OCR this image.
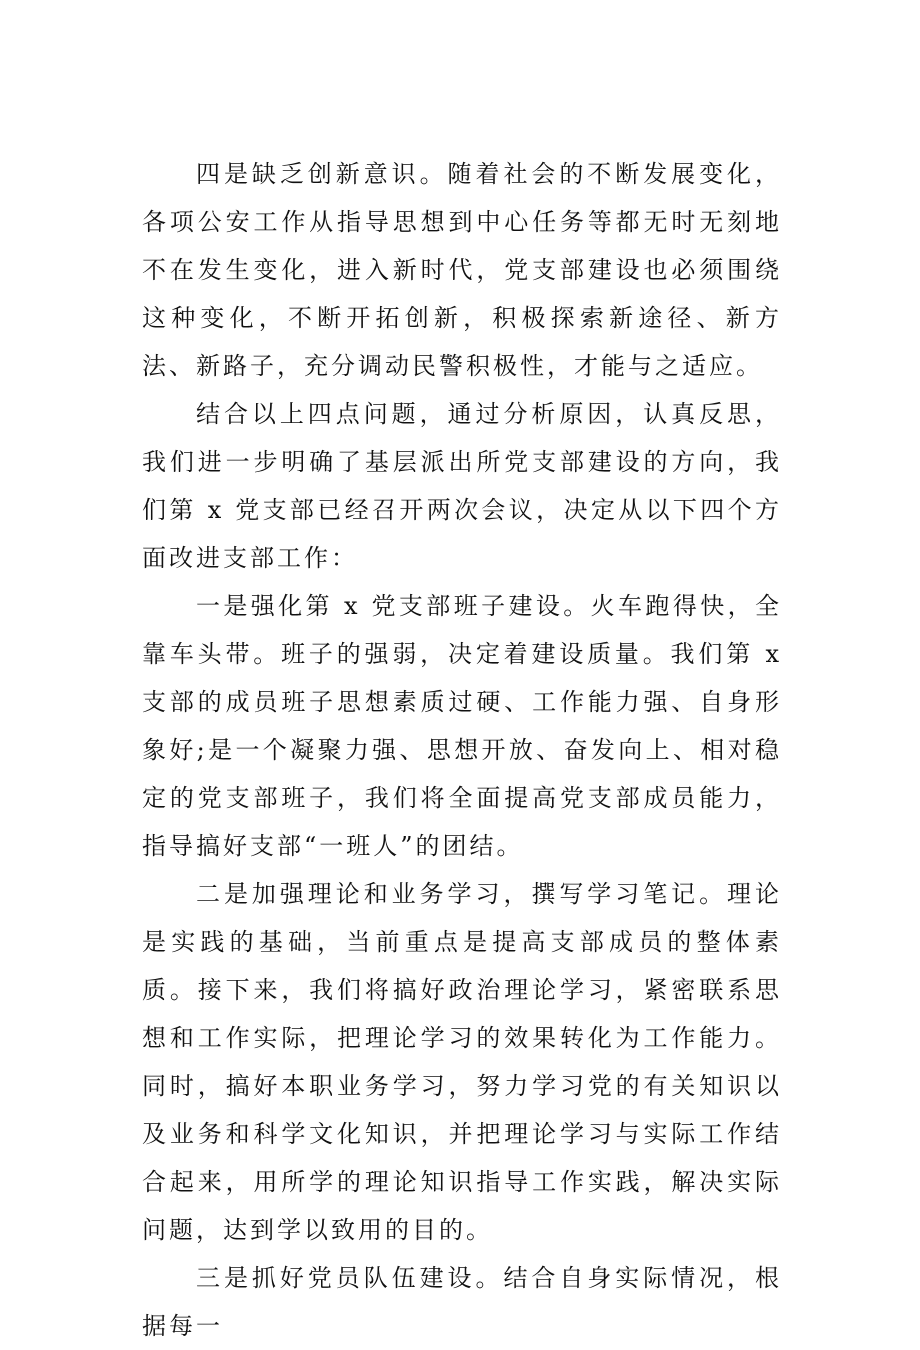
四是缺乏创新意识。随着社会的不断发展变化，各项公安工作从指导思想到中心任务等都无时无刻地不在发生变化，进入新时代，党支部建设也必须围绕这种变化，不断开拓创新，积极探索新途径、新方法、新路子，充分调动民警积极性，才能与之适应。

结合以上四点问题，通过分析原因，认真反思，我们进一步明确了基层派出所党支部建设的方向，我们第 x 党支部已经召开两次会议，决定从以下四个方面改进支部工作：

一是强化第 x 党支部班子建设。火车跑得快，全靠车头带。班子的强弱，决定着建设质量。我们第 x 支部的成员班子思想素质过硬、工作能力强、自身形象好;是一个凝聚力强、思想开放、奋发向上、相对稳定的党支部班子，我们将全面提高党支部成员能力，指导搞好支部“一班人”的团结。

二是加强理论和业务学习，撰写学习笔记。理论是实践的基础，当前重点是提高支部成员的整体素质。接下来，我们将搞好政治理论学习，紧密联系思想和工作实际，把理论学习的效果转化为工作能力。同时，搞好本职业务学习，努力学习党的有关知识以及业务和科学文化知识，并把理论学习与实际工作结合起来，用所学的理论知识指导工作实践，解决实际问题，达到学以致用的目的。

三是抓好党员队伍建设。结合自身实际情况，根据每一
